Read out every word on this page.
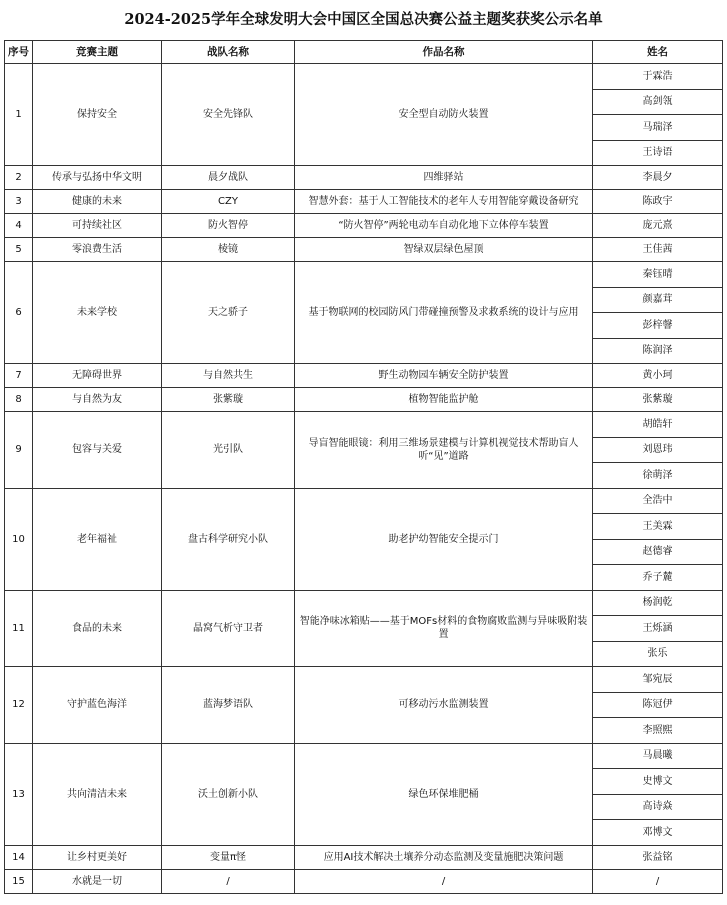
2024-2025学年全球发明大会中国区全国总决赛公益主题奖获奖公示名单
序号	竞赛主题	战队名称	作品名称	姓名
1	保持安全	安全先锋队	安全型自动防火装置	于霖浩
				高剑瓴
				马瑞泽
				王诗语
2	传承与弘扬中华文明	晨夕战队	四维驿站	李晨夕
3	健康的未来	CZY	智慧外套：基于人工智能技术的老年人专用智能穿戴设备研究	陈政宇
4	可持续社区	防火智停	“防火智停”两轮电动车自动化地下立体停车装置	庞元熹
5	零浪费生活	棱镜	智绿双层绿色屋顶	王佳茜
6	未来学校	天之骄子	基于物联网的校园防风门带碰撞预警及求救系统的设计与应用	秦钰晴
				颜嘉茸
				彭梓韾
				陈润泽
7	无障碍世界	与自然共生	野生动物园车辆安全防护装置	黄小珂
8	与自然为友	张紫璇	植物智能监护舱	张紫璇
9	包容与关爱	光引队	导盲智能眼镜：利用三维场景建模与计算机视觉技术帮助盲人听“见”道路	胡皓轩
				刘恩玮
				徐萌泽
10	老年福祉	盘古科学研究小队	助老护幼智能安全提示门	全浩中
				王美霖
				赵德睿
				乔子麓
11	食品的未来	晶窝气析守卫者	智能净味冰箱贴——基于MOFs材料的食物腐败监测与异味吸附装置	杨润乾
				王烁涵
				张乐
12	守护蓝色海洋	蓝海梦语队	可移动污水监测装置	邹宛辰
				陈冠伊
				李照熙
13	共向清洁未来	沃土创新小队	绿色环保堆肥桶	马晨曦
				史博文
				高诗焱
				邓博文
14	让乡村更美好	变量π怪	应用AI技术解决土壤养分动态监测及变量施肥决策问题	张益铭
15	水就是一切	/	/	/
